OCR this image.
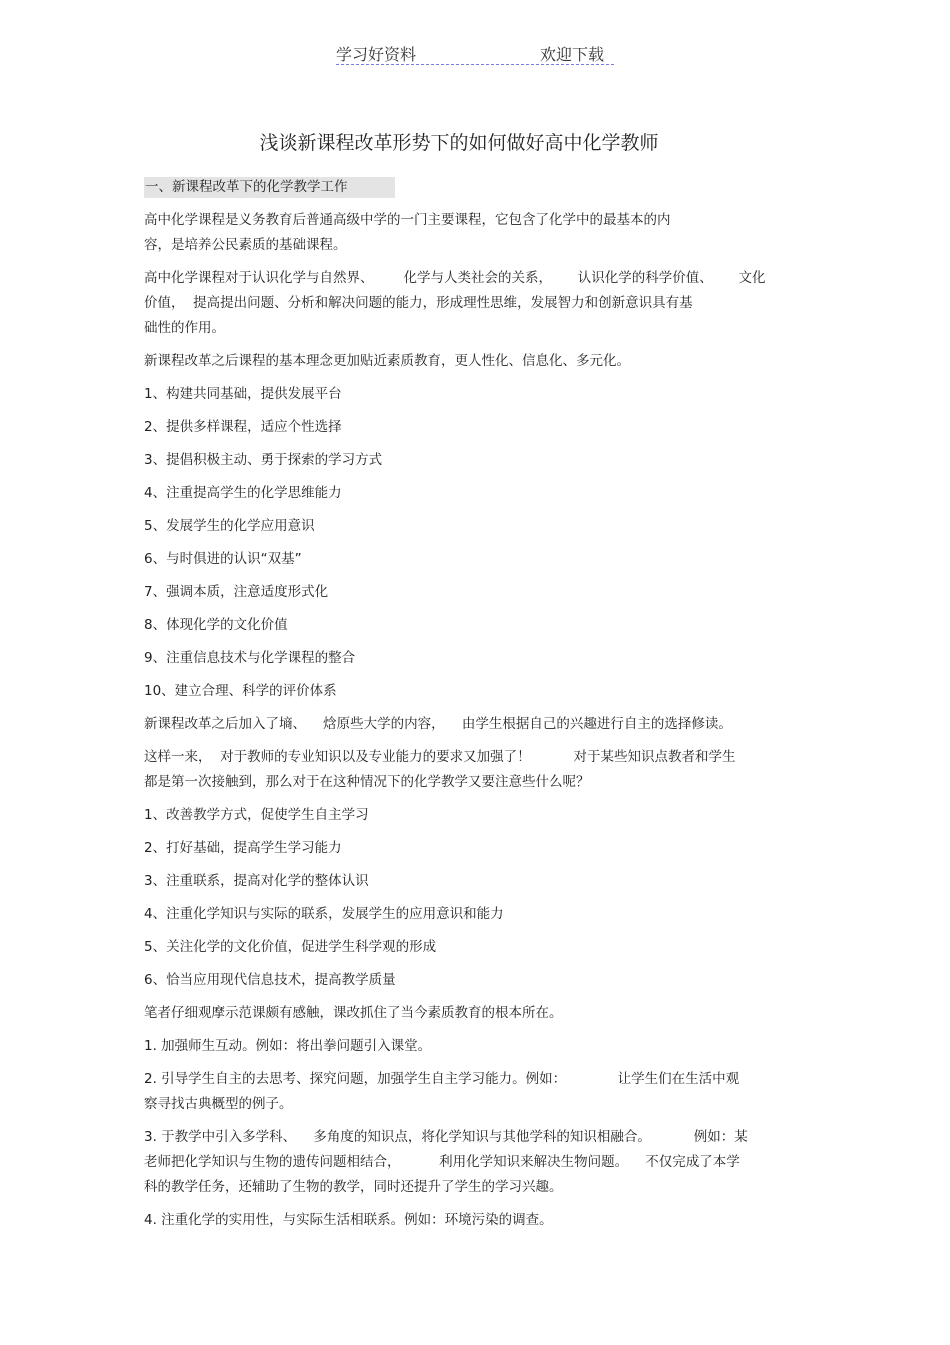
学习好资料	欢迎下载
浅谈新课程改革形势下的如何做好高中化学教师
一、新课程改革下的化学教学工作

高中化学课程是义务教育后普通高级中学的一门主要课程，它包含了化学中的最基本的内
容，是培养公民素质的基础课程。

高中化学课程对于认识化学与自然界、       化学与人类社会的关系，      认识化学的科学价值、      文化
价值，  提高提出问题、分析和解决问题的能力，形成理性思维，发展智力和创新意识具有基
础性的作用。

新课程改革之后课程的基本理念更加贴近素质教育，更人性化、信息化、多元化。

1、构建共同基础，提供发展平台

2、提供多样课程，适应个性选择

3、提倡积极主动、勇于探索的学习方式

4、注重提高学生的化学思维能力

5、发展学生的化学应用意识

6、与时俱进的认识“双基”

7、强调本质，注意适度形式化

8、体现化学的文化价值

9、注重信息技术与化学课程的整合

10、建立合理、科学的评价体系

新课程改革之后加入了墒、    焓原些大学的内容，    由学生根据自己的兴趣进行自主的选择修读。

这样一来，  对于教师的专业知识以及专业能力的要求又加强了！          对于某些知识点教者和学生
都是第一次接触到，那么对于在这种情况下的化学教学又要注意些什么呢？

1、改善教学方式，促使学生自主学习

2、打好基础，提高学生学习能力

3、注重联系，提高对化学的整体认识

4、注重化学知识与实际的联系，发展学生的应用意识和能力

5、关注化学的文化价值，促进学生科学观的形成

6、恰当应用现代信息技术，提高教学质量

笔者仔细观摩示范课颇有感触，课改抓住了当今素质教育的根本所在。

1. 加强师生互动。例如：将出拳问题引入课堂。

2. 引导学生自主的去思考、探究问题，加强学生自主学习能力。例如：            让学生们在生活中观
察寻找古典概型的例子。

3. 于教学中引入多学科、    多角度的知识点，将化学知识与其他学科的知识相融合。          例如：某
老师把化学知识与生物的遗传问题相结合，         利用化学知识来解决生物问题。    不仅完成了本学
科的教学任务，还辅助了生物的教学，同时还提升了学生的学习兴趣。

4. 注重化学的实用性，与实际生活相联系。例如：环境污染的调查。
